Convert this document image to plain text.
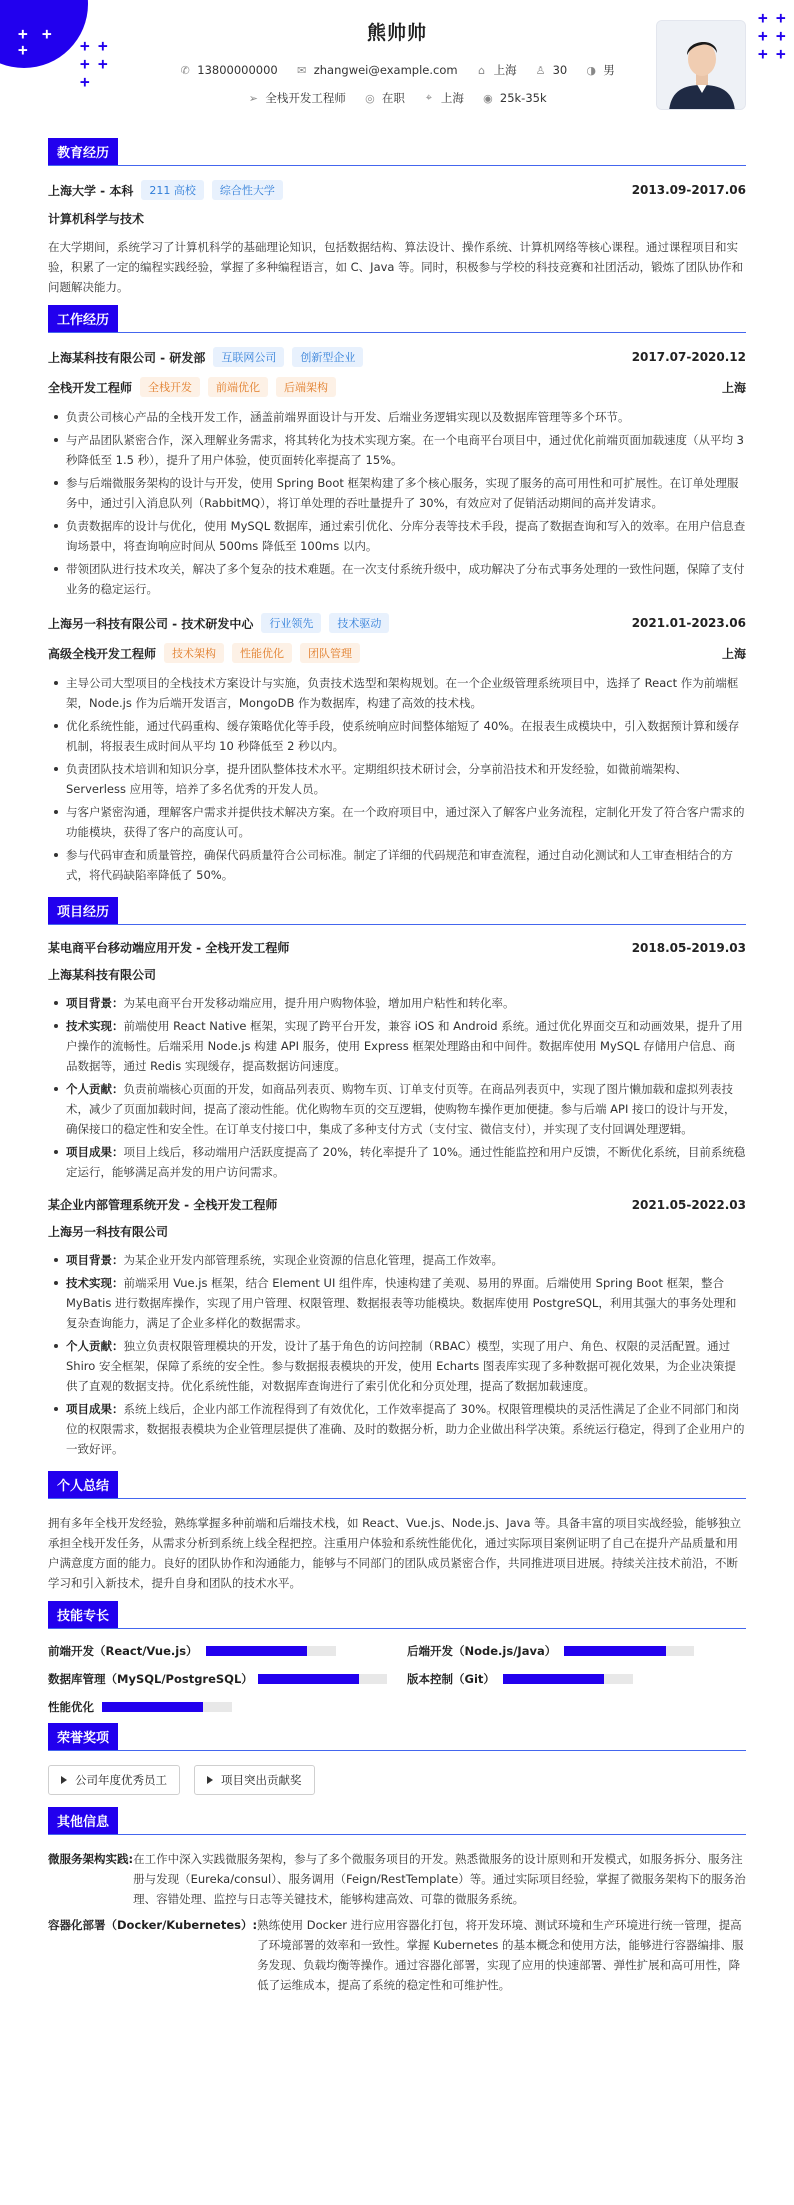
+ +
+	+ +
+ +
+
+ +
+ +
+ +
熊帅帅
✆ 13800000000 ✉ zhangwei@example.com ⌂ 上海 ♙ 30 ◑ 男
➢ 全栈开发工程师 ◎ 在职 ⌖ 上海 ◉ 25k-35k
教育经历
上海大学 - 本科	211 高校	综合性大学	2013.09-2017.06
计算机科学与技术
在大学期间，系统学习了计算机科学的基础理论知识，包括数据结构、算法设计、操作系统、计算机网络等核心课程。通过课程项目和实验，积累了一定的编程实践经验，掌握了多种编程语言，如 C、Java 等。同时，积极参与学校的科技竞赛和社团活动，锻炼了团队协作和问题解决能力。
工作经历
上海某科技有限公司 - 研发部	互联网公司	创新型企业	2017.07-2020.12
全栈开发工程师	全栈开发	前端优化	后端架构	上海
负责公司核心产品的全栈开发工作，涵盖前端界面设计与开发、后端业务逻辑实现以及数据库管理等多个环节。
与产品团队紧密合作，深入理解业务需求，将其转化为技术实现方案。在一个电商平台项目中，通过优化前端页面加载速度（从平均 3 秒降低至 1.5 秒），提升了用户体验，使页面转化率提高了 15%。
参与后端微服务架构的设计与开发，使用 Spring Boot 框架构建了多个核心服务，实现了服务的高可用性和可扩展性。在订单处理服务中，通过引入消息队列（RabbitMQ），将订单处理的吞吐量提升了 30%，有效应对了促销活动期间的高并发请求。
负责数据库的设计与优化，使用 MySQL 数据库，通过索引优化、分库分表等技术手段，提高了数据查询和写入的效率。在用户信息查询场景中，将查询响应时间从 500ms 降低至 100ms 以内。
带领团队进行技术攻关，解决了多个复杂的技术难题。在一次支付系统升级中，成功解决了分布式事务处理的一致性问题，保障了支付业务的稳定运行。
上海另一科技有限公司 - 技术研发中心	行业领先	技术驱动	2021.01-2023.06
高级全栈开发工程师	技术架构	性能优化	团队管理	上海
主导公司大型项目的全栈技术方案设计与实施，负责技术选型和架构规划。在一个企业级管理系统项目中，选择了 React 作为前端框架，Node.js 作为后端开发语言，MongoDB 作为数据库，构建了高效的技术栈。
优化系统性能，通过代码重构、缓存策略优化等手段，使系统响应时间整体缩短了 40%。在报表生成模块中，引入数据预计算和缓存机制，将报表生成时间从平均 10 秒降低至 2 秒以内。
负责团队技术培训和知识分享，提升团队整体技术水平。定期组织技术研讨会，分享前沿技术和开发经验，如微前端架构、Serverless 应用等，培养了多名优秀的开发人员。
与客户紧密沟通，理解客户需求并提供技术解决方案。在一个政府项目中，通过深入了解客户业务流程，定制化开发了符合客户需求的功能模块，获得了客户的高度认可。
参与代码审查和质量管控，确保代码质量符合公司标准。制定了详细的代码规范和审查流程，通过自动化测试和人工审查相结合的方式，将代码缺陷率降低了 50%。
项目经历
某电商平台移动端应用开发 - 全栈开发工程师	2018.05-2019.03
上海某科技有限公司
项目背景：为某电商平台开发移动端应用，提升用户购物体验，增加用户粘性和转化率。
技术实现：前端使用 React Native 框架，实现了跨平台开发，兼容 iOS 和 Android 系统。通过优化界面交互和动画效果，提升了用户操作的流畅性。后端采用 Node.js 构建 API 服务，使用 Express 框架处理路由和中间件。数据库使用 MySQL 存储用户信息、商品数据等，通过 Redis 实现缓存，提高数据访问速度。
个人贡献：负责前端核心页面的开发，如商品列表页、购物车页、订单支付页等。在商品列表页中，实现了图片懒加载和虚拟列表技术，减少了页面加载时间，提高了滚动性能。优化购物车页的交互逻辑，使购物车操作更加便捷。参与后端 API 接口的设计与开发，确保接口的稳定性和安全性。在订单支付接口中，集成了多种支付方式（支付宝、微信支付），并实现了支付回调处理逻辑。
项目成果：项目上线后，移动端用户活跃度提高了 20%，转化率提升了 10%。通过性能监控和用户反馈，不断优化系统，目前系统稳定运行，能够满足高并发的用户访问需求。
某企业内部管理系统开发 - 全栈开发工程师	2021.05-2022.03
上海另一科技有限公司
项目背景：为某企业开发内部管理系统，实现企业资源的信息化管理，提高工作效率。
技术实现：前端采用 Vue.js 框架，结合 Element UI 组件库，快速构建了美观、易用的界面。后端使用 Spring Boot 框架，整合 MyBatis 进行数据库操作，实现了用户管理、权限管理、数据报表等功能模块。数据库使用 PostgreSQL，利用其强大的事务处理和复杂查询能力，满足了企业多样化的数据需求。
个人贡献：独立负责权限管理模块的开发，设计了基于角色的访问控制（RBAC）模型，实现了用户、角色、权限的灵活配置。通过 Shiro 安全框架，保障了系统的安全性。参与数据报表模块的开发，使用 Echarts 图表库实现了多种数据可视化效果，为企业决策提供了直观的数据支持。优化系统性能，对数据库查询进行了索引优化和分页处理，提高了数据加载速度。
项目成果：系统上线后，企业内部工作流程得到了有效优化，工作效率提高了 30%。权限管理模块的灵活性满足了企业不同部门和岗位的权限需求，数据报表模块为企业管理层提供了准确、及时的数据分析，助力企业做出科学决策。系统运行稳定，得到了企业用户的一致好评。
个人总结
拥有多年全栈开发经验，熟练掌握多种前端和后端技术栈，如 React、Vue.js、Node.js、Java 等。具备丰富的项目实战经验，能够独立承担全栈开发任务，从需求分析到系统上线全程把控。注重用户体验和系统性能优化，通过实际项目案例证明了自己在提升产品质量和用户满意度方面的能力。良好的团队协作和沟通能力，能够与不同部门的团队成员紧密合作，共同推进项目进展。持续关注技术前沿，不断学习和引入新技术，提升自身和团队的技术水平。
技能专长
前端开发（React/Vue.js）	后端开发（Node.js/Java）
数据库管理（MySQL/PostgreSQL）	版本控制（Git）
性能优化
荣誉奖项
公司年度优秀员工	项目突出贡献奖
其他信息
微服务架构实践: 在工作中深入实践微服务架构，参与了多个微服务项目的开发。熟悉微服务的设计原则和开发模式，如服务拆分、服务注册与发现（Eureka/consul）、服务调用（Feign/RestTemplate）等。通过实际项目经验，掌握了微服务架构下的服务治理、容错处理、监控与日志等关键技术，能够构建高效、可靠的微服务系统。
容器化部署（Docker/Kubernetes）: 熟练使用 Docker 进行应用容器化打包，将开发环境、测试环境和生产环境进行统一管理，提高了环境部署的效率和一致性。掌握 Kubernetes 的基本概念和使用方法，能够进行容器编排、服务发现、负载均衡等操作。通过容器化部署，实现了应用的快速部署、弹性扩展和高可用性，降低了运维成本，提高了系统的稳定性和可维护性。
